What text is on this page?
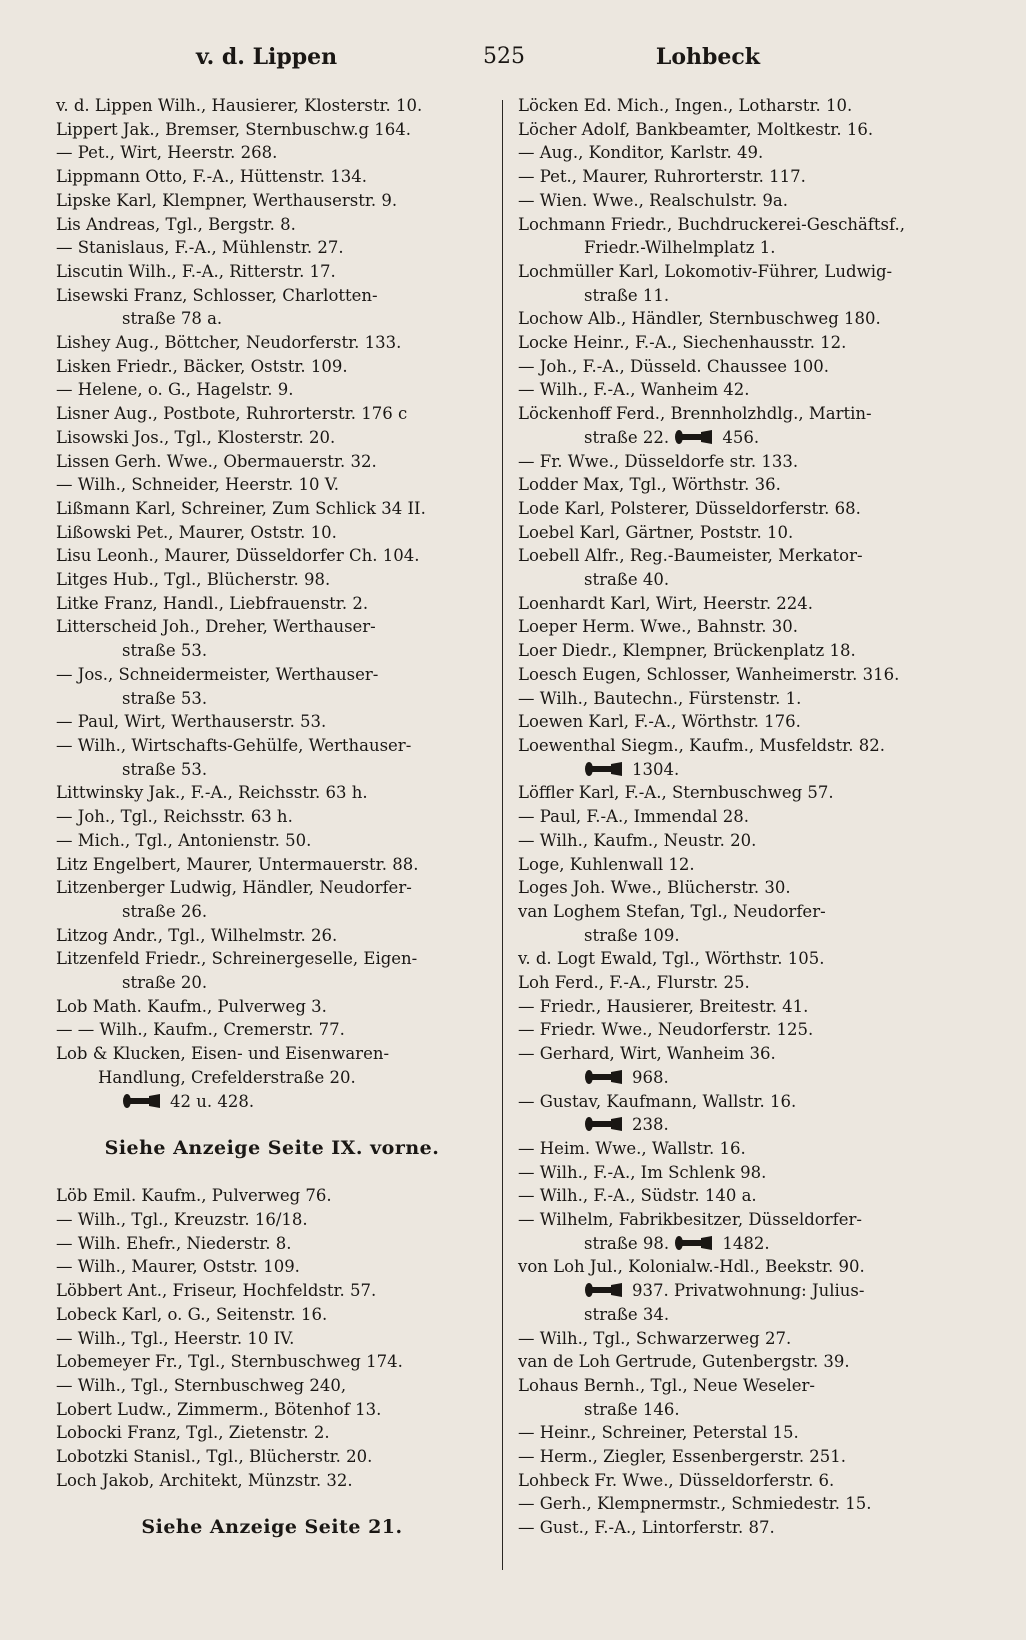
v. d. Lippen	525	Lohbeck
v. d. Lippen Wilh., Hausierer, Klosterstr. 10.
Lippert Jak., Bremser, Sternbuschw.g 164.
— Pet., Wirt, Heerstr. 268.
Lippmann Otto, F.-A., Hüttenstr. 134.
Lipske Karl, Klempner, Werthauserstr. 9.
Lis Andreas, Tgl., Bergstr. 8.
— Stanislaus, F.-A., Mühlenstr. 27.
Liscutin Wilh., F.-A., Ritterstr. 17.
Lisewski Franz, Schlosser, Charlotten-
straße 78 a.
Lishey Aug., Böttcher, Neudorferstr. 133.
Lisken Friedr., Bäcker, Oststr. 109.
— Helene, o. G., Hagelstr. 9.
Lisner Aug., Postbote, Ruhrorterstr. 176 c
Lisowski Jos., Tgl., Klosterstr. 20.
Lissen Gerh. Wwe., Obermauerstr. 32.
— Wilh., Schneider, Heerstr. 10 V.
Lißmann Karl, Schreiner, Zum Schlick 34 II.
Lißowski Pet., Maurer, Oststr. 10.
Lisu Leonh., Maurer, Düsseldorfer Ch. 104.
Litges Hub., Tgl., Blücherstr. 98.
Litke Franz, Handl., Liebfrauenstr. 2.
Litterscheid Joh., Dreher, Werthauser-
straße 53.
— Jos., Schneidermeister, Werthauser-
straße 53.
— Paul, Wirt, Werthauserstr. 53.
— Wilh., Wirtschafts-Gehülfe, Werthauser-
straße 53.
Littwinsky Jak., F.-A., Reichsstr. 63 h.
— Joh., Tgl., Reichsstr. 63 h.
— Mich., Tgl., Antonienstr. 50.
Litz Engelbert, Maurer, Untermauerstr. 88.
Litzenberger Ludwig, Händler, Neudorfer-
straße 26.
Litzog Andr., Tgl., Wilhelmstr. 26.
Litzenfeld Friedr., Schreinergeselle, Eigen-
straße 20.
Lob Math. Kaufm., Pulverweg 3.
— — Wilh., Kaufm., Cremerstr. 77.
Lob & Klucken, Eisen- und Eisenwaren-
Handlung, Crefelderstraße 20.
42 u. 428.
Siehe Anzeige Seite IX. vorne.
Löb Emil. Kaufm., Pulverweg 76.
— Wilh., Tgl., Kreuzstr. 16/18.
— Wilh. Ehefr., Niederstr. 8.
— Wilh., Maurer, Oststr. 109.
Löbbert Ant., Friseur, Hochfeldstr. 57.
Lobeck Karl, o. G., Seitenstr. 16.
— Wilh., Tgl., Heerstr. 10 IV.
Lobemeyer Fr., Tgl., Sternbuschweg 174.
— Wilh., Tgl., Sternbuschweg 240,
Lobert Ludw., Zimmerm., Bötenhof 13.
Lobocki Franz, Tgl., Zietenstr. 2.
Lobotzki Stanisl., Tgl., Blücherstr. 20.
Loch Jakob, Architekt, Münzstr. 32.
Siehe Anzeige Seite 21.
Löcken Ed. Mich., Ingen., Lotharstr. 10.
Löcher Adolf, Bankbeamter, Moltkestr. 16.
— Aug., Konditor, Karlstr. 49.
— Pet., Maurer, Ruhrorterstr. 117.
— Wien. Wwe., Realschulstr. 9a.
Lochmann Friedr., Buchdruckerei-Geschäftsf.,
Friedr.-Wilhelmplatz 1.
Lochmüller Karl, Lokomotiv-Führer, Ludwig-
straße 11.
Lochow Alb., Händler, Sternbuschweg 180.
Locke Heinr., F.-A., Siechenhausstr. 12.
— Joh., F.-A., Düsseld. Chaussee 100.
— Wilh., F.-A., Wanheim 42.
Löckenhoff Ferd., Brennholzhdlg., Martin-
straße 22.	456.
— Fr. Wwe., Düsseldorfe str. 133.
Lodder Max, Tgl., Wörthstr. 36.
Lode Karl, Polsterer, Düsseldorferstr. 68.
Loebel Karl, Gärtner, Poststr. 10.
Loebell Alfr., Reg.-Baumeister, Merkator-
straße 40.
Loenhardt Karl, Wirt, Heerstr. 224.
Loeper Herm. Wwe., Bahnstr. 30.
Loer Diedr., Klempner, Brückenplatz 18.
Loesch Eugen, Schlosser, Wanheimerstr. 316.
— Wilh., Bautechn., Fürstenstr. 1.
Loewen Karl, F.-A., Wörthstr. 176.
Loewenthal Siegm., Kaufm., Musfeldstr. 82.
1304.
Löffler Karl, F.-A., Sternbuschweg 57.
— Paul, F.-A., Immendal 28.
— Wilh., Kaufm., Neustr. 20.
Loge, Kuhlenwall 12.
Loges Joh. Wwe., Blücherstr. 30.
van Loghem Stefan, Tgl., Neudorfer-
straße 109.
v. d. Logt Ewald, Tgl., Wörthstr. 105.
Loh Ferd., F.-A., Flurstr. 25.
— Friedr., Hausierer, Breitestr. 41.
— Friedr. Wwe., Neudorferstr. 125.
— Gerhard, Wirt, Wanheim 36.
968.
— Gustav, Kaufmann, Wallstr. 16.
238.
— Heim. Wwe., Wallstr. 16.
— Wilh., F.-A., Im Schlenk 98.
— Wilh., F.-A., Südstr. 140 a.
— Wilhelm, Fabrikbesitzer, Düsseldorfer-
straße 98.	1482.
von Loh Jul., Kolonialw.-Hdl., Beekstr. 90.
937. Privatwohnung: Julius-
straße 34.
— Wilh., Tgl., Schwarzerweg 27.
van de Loh Gertrude, Gutenbergstr. 39.
Lohaus Bernh., Tgl., Neue Weseler-
straße 146.
— Heinr., Schreiner, Peterstal 15.
— Herm., Ziegler, Essenbergerstr. 251.
Lohbeck Fr. Wwe., Düsseldorferstr. 6.
— Gerh., Klempnermstr., Schmiedestr. 15.
— Gust., F.-A., Lintorferstr. 87.
